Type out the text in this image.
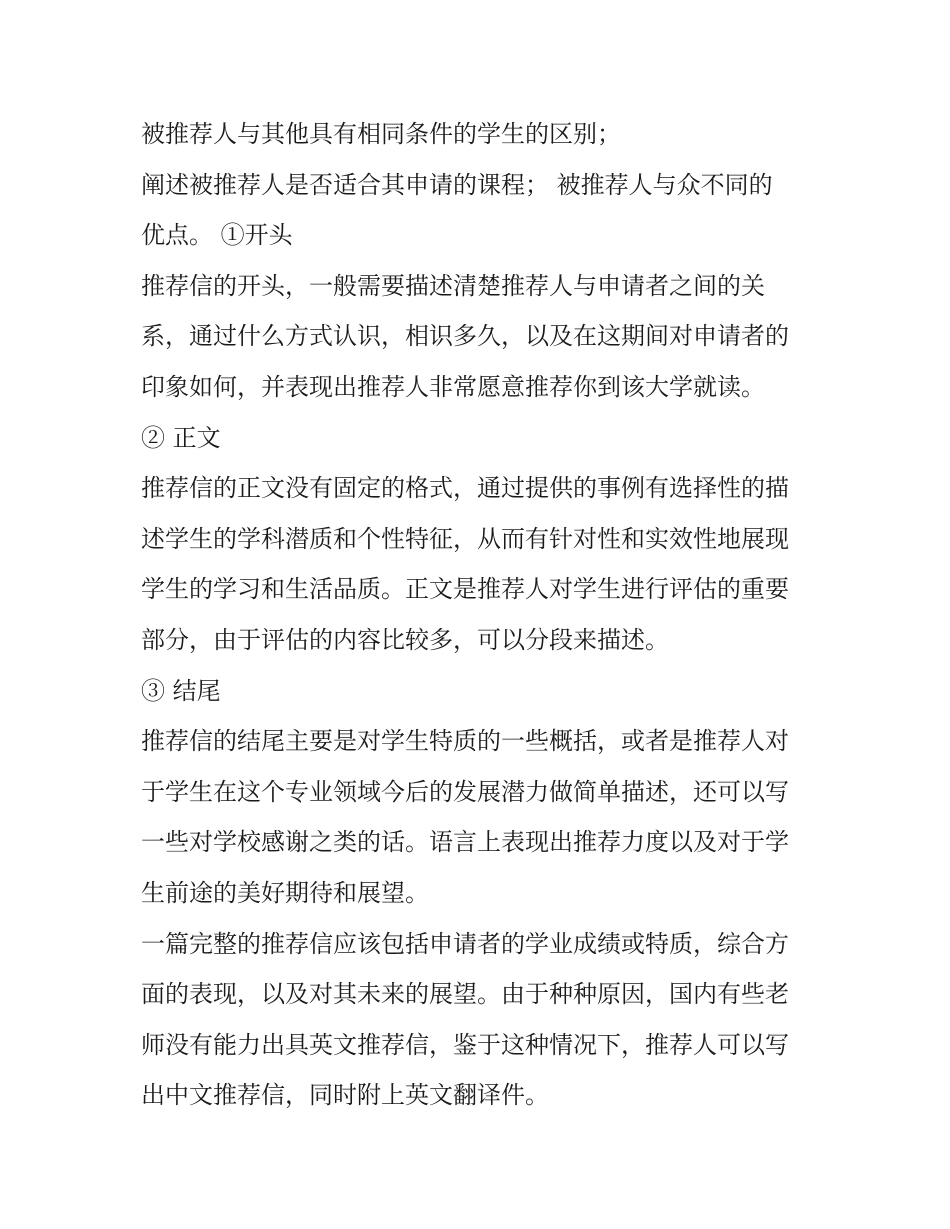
被推荐人与其他具有相同条件的学生的区别；
阐述被推荐人是否适合其申请的课程； 被推荐人与众不同的
优点。 ①开头
推荐信的开头，一般需要描述清楚推荐人与申请者之间的关
系，通过什么方式认识，相识多久，以及在这期间对申请者的
印象如何，并表现出推荐人非常愿意推荐你到该大学就读。
② 正文
推荐信的正文没有固定的格式，通过提供的事例有选择性的描
述学生的学科潜质和个性特征，从而有针对性和实效性地展现
学生的学习和生活品质。正文是推荐人对学生进行评估的重要
部分，由于评估的内容比较多，可以分段来描述。
③ 结尾
推荐信的结尾主要是对学生特质的一些概括，或者是推荐人对
于学生在这个专业领域今后的发展潜力做简单描述，还可以写
一些对学校感谢之类的话。语言上表现出推荐力度以及对于学
生前途的美好期待和展望。
一篇完整的推荐信应该包括申请者的学业成绩或特质，综合方
面的表现，以及对其未来的展望。由于种种原因，国内有些老
师没有能力出具英文推荐信，鉴于这种情况下，推荐人可以写
出中文推荐信，同时附上英文翻译件。
